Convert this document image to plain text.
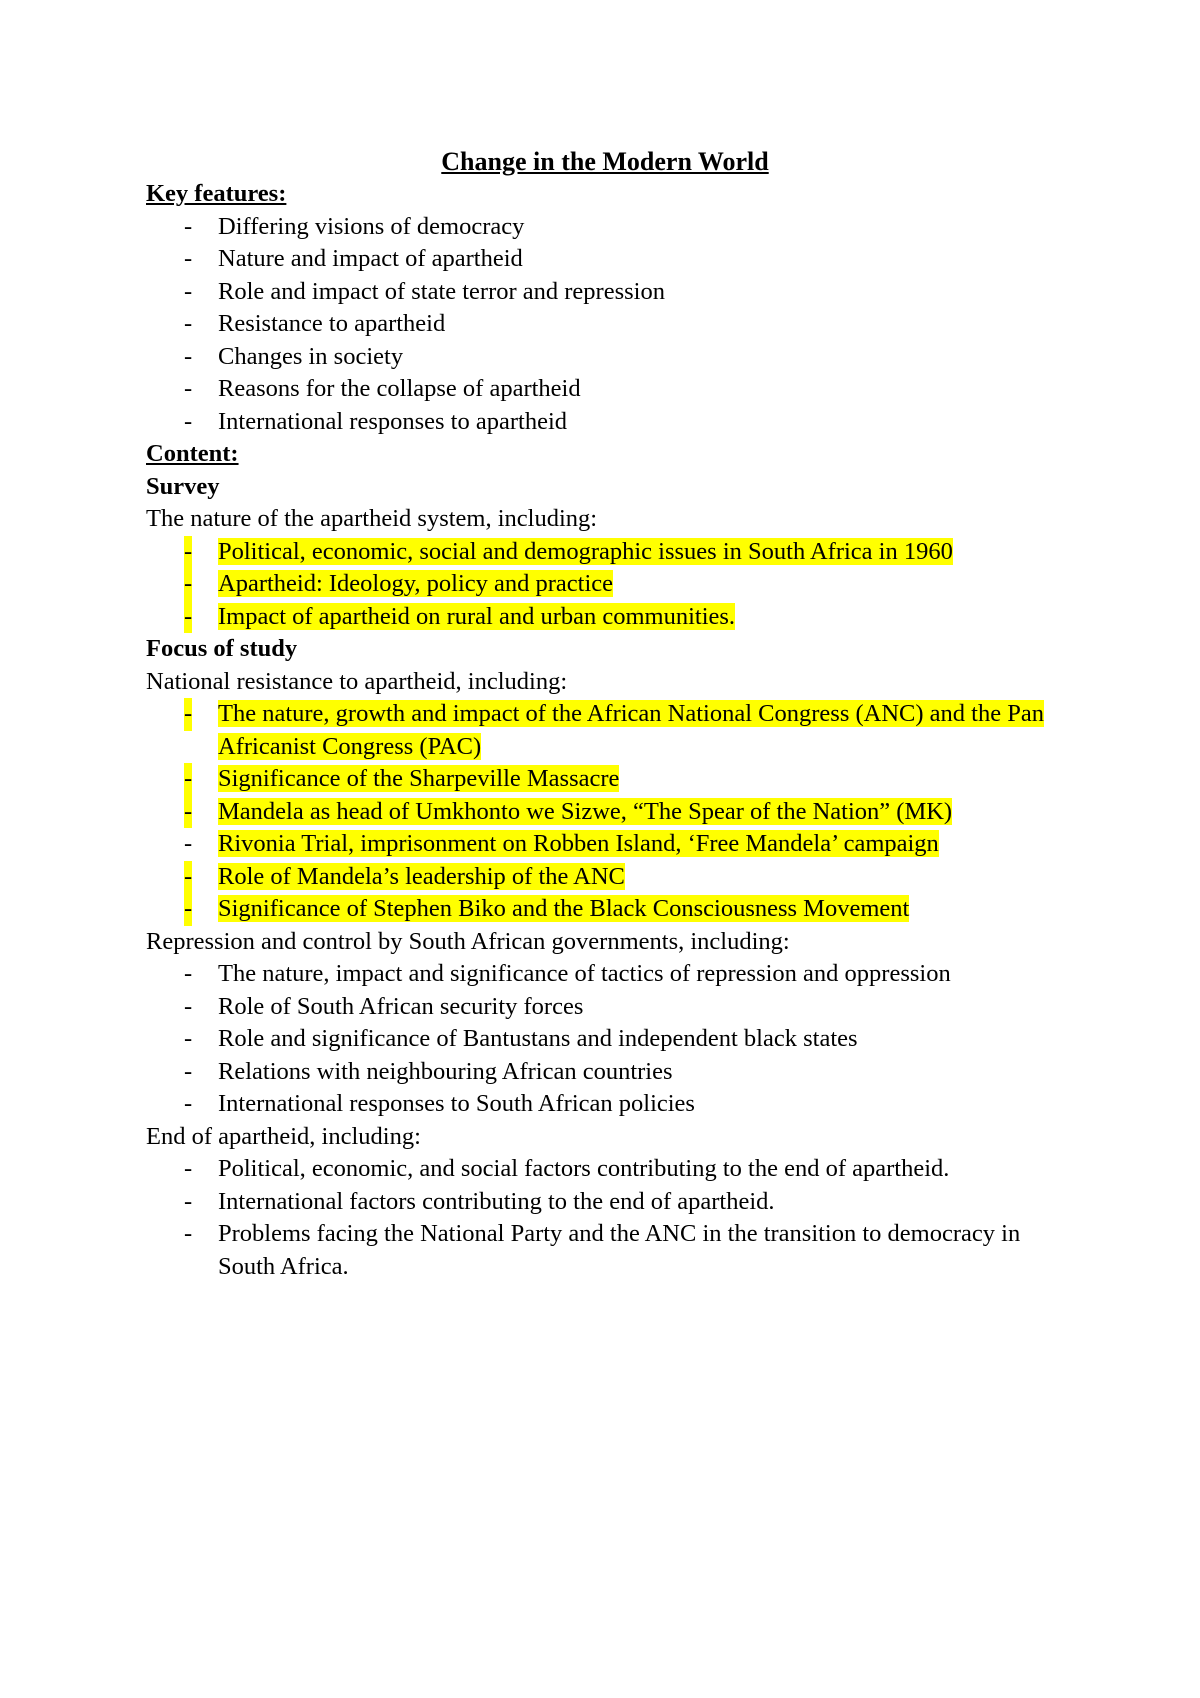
Change in the Modern World
Key features:
- Differing visions of democracy
- Nature and impact of apartheid
- Role and impact of state terror and repression
- Resistance to apartheid
- Changes in society
- Reasons for the collapse of apartheid
- International responses to apartheid
Content:
Survey
The nature of the apartheid system, including:
- Political, economic, social and demographic issues in South Africa in 1960
- Apartheid: Ideology, policy and practice
- Impact of apartheid on rural and urban communities.
Focus of study
National resistance to apartheid, including:
- The nature, growth and impact of the African National Congress (ANC) and the Pan Africanist Congress (PAC)
- Significance of the Sharpeville Massacre
- Mandela as head of Umkhonto we Sizwe, “The Spear of the Nation” (MK)
- Rivonia Trial, imprisonment on Robben Island, ‘Free Mandela’ campaign
- Role of Mandela’s leadership of the ANC
- Significance of Stephen Biko and the Black Consciousness Movement
Repression and control by South African governments, including:
- The nature, impact and significance of tactics of repression and oppression
- Role of South African security forces
- Role and significance of Bantustans and independent black states
- Relations with neighbouring African countries
- International responses to South African policies
End of apartheid, including:
- Political, economic, and social factors contributing to the end of apartheid.
- International factors contributing to the end of apartheid.
- Problems facing the National Party and the ANC in the transition to democracy in South Africa.
